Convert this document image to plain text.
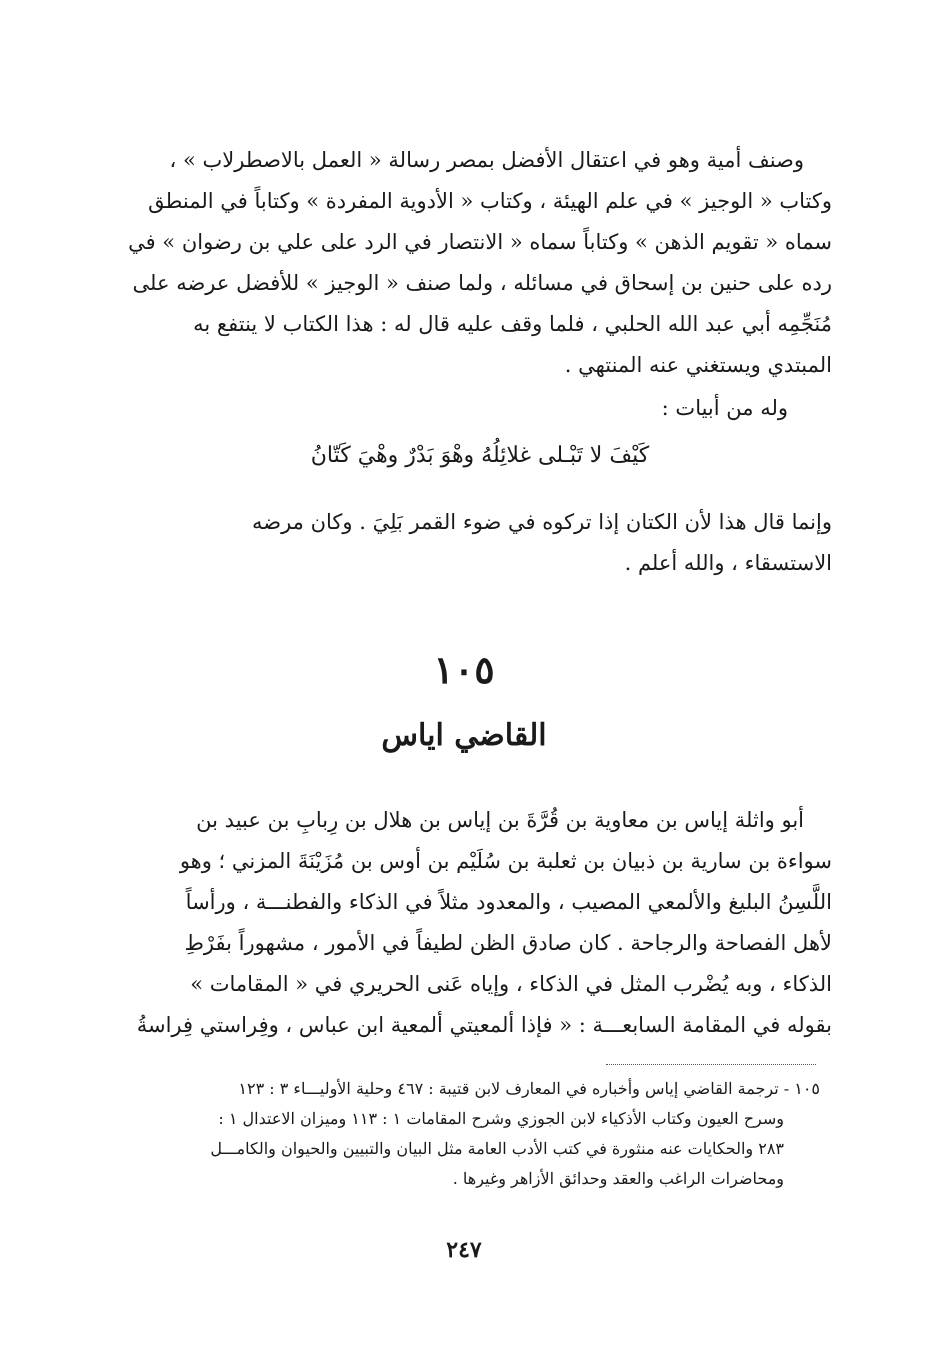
وصنف أمية وهو في اعتقال الأفضل بمصر رسالة « العمل بالاصطرلاب » ،
وكتاب « الوجيز » في علم الهيئة ، وكتاب « الأدوية المفردة » وكتاباً في المنطق
سماه « تقويم الذهن » وكتاباً سماه « الانتصار في الرد على علي بن رضوان » في
رده على حنين بن إسحاق في مسائله ، ولما صنف « الوجيز » للأفضل عرضه على
مُنَجِّمِه أبي عبد الله الحلبي ، فلما وقف عليه قال له : هذا الكتاب لا ينتفع به
المبتدي ويستغني عنه المنتهي .
وله من أبيات :
كَيْفَ لا تَبْـلى غلائِلُهُ وهْوَ بَدْرٌ وهْيَ كَتّانُ
وإنما قال هذا لأن الكتان إذا تركوه في ضوء القمر بَلِيَ . وكان مرضه
الاستسقاء ، والله أعلم .
١٠٥
القاضي اياس
أبو واثلة إياس بن معاوية بن قُرَّةَ بن إياس بن هلال بن رِبابِ بن عبيد بن
سواءة بن سارية بن ذبيان بن ثعلبة بن سُلَيْم بن أوس بن مُزَيْنَةَ المزني ؛ وهو
اللَّسِنُ البليغ والألمعي المصيب ، والمعدود مثلاً في الذكاء والفطنـــة ، ورأساً
لأهل الفصاحة والرجاحة . كان صادق الظن لطيفاً في الأمور ، مشهوراً بفَرْطِ
الذكاء ، وبه يُضْرب المثل في الذكاء ، وإياه عَنى الحريري في « المقامات »
بقوله في المقامة السابعـــة : « فإذا ألمعيتي ألمعية ابن عباس ، وفِراستي فِراسةُ
١٠٥ - ترجمة القاضي إياس وأخباره في المعارف لابن قتيبة : ٤٦٧ وحلية الأوليـــاء ٣ : ١٢٣
وسرح العيون وكتاب الأذكياء لابن الجوزي وشرح المقامات ١ : ١١٣ وميزان الاعتدال ١ :
٢٨٣ والحكايات عنه منثورة في كتب الأدب العامة مثل البيان والتبيين والحيوان والكامـــل
ومحاضرات الراغب والعقد وحدائق الأزاهر وغيرها .
٢٤٧
